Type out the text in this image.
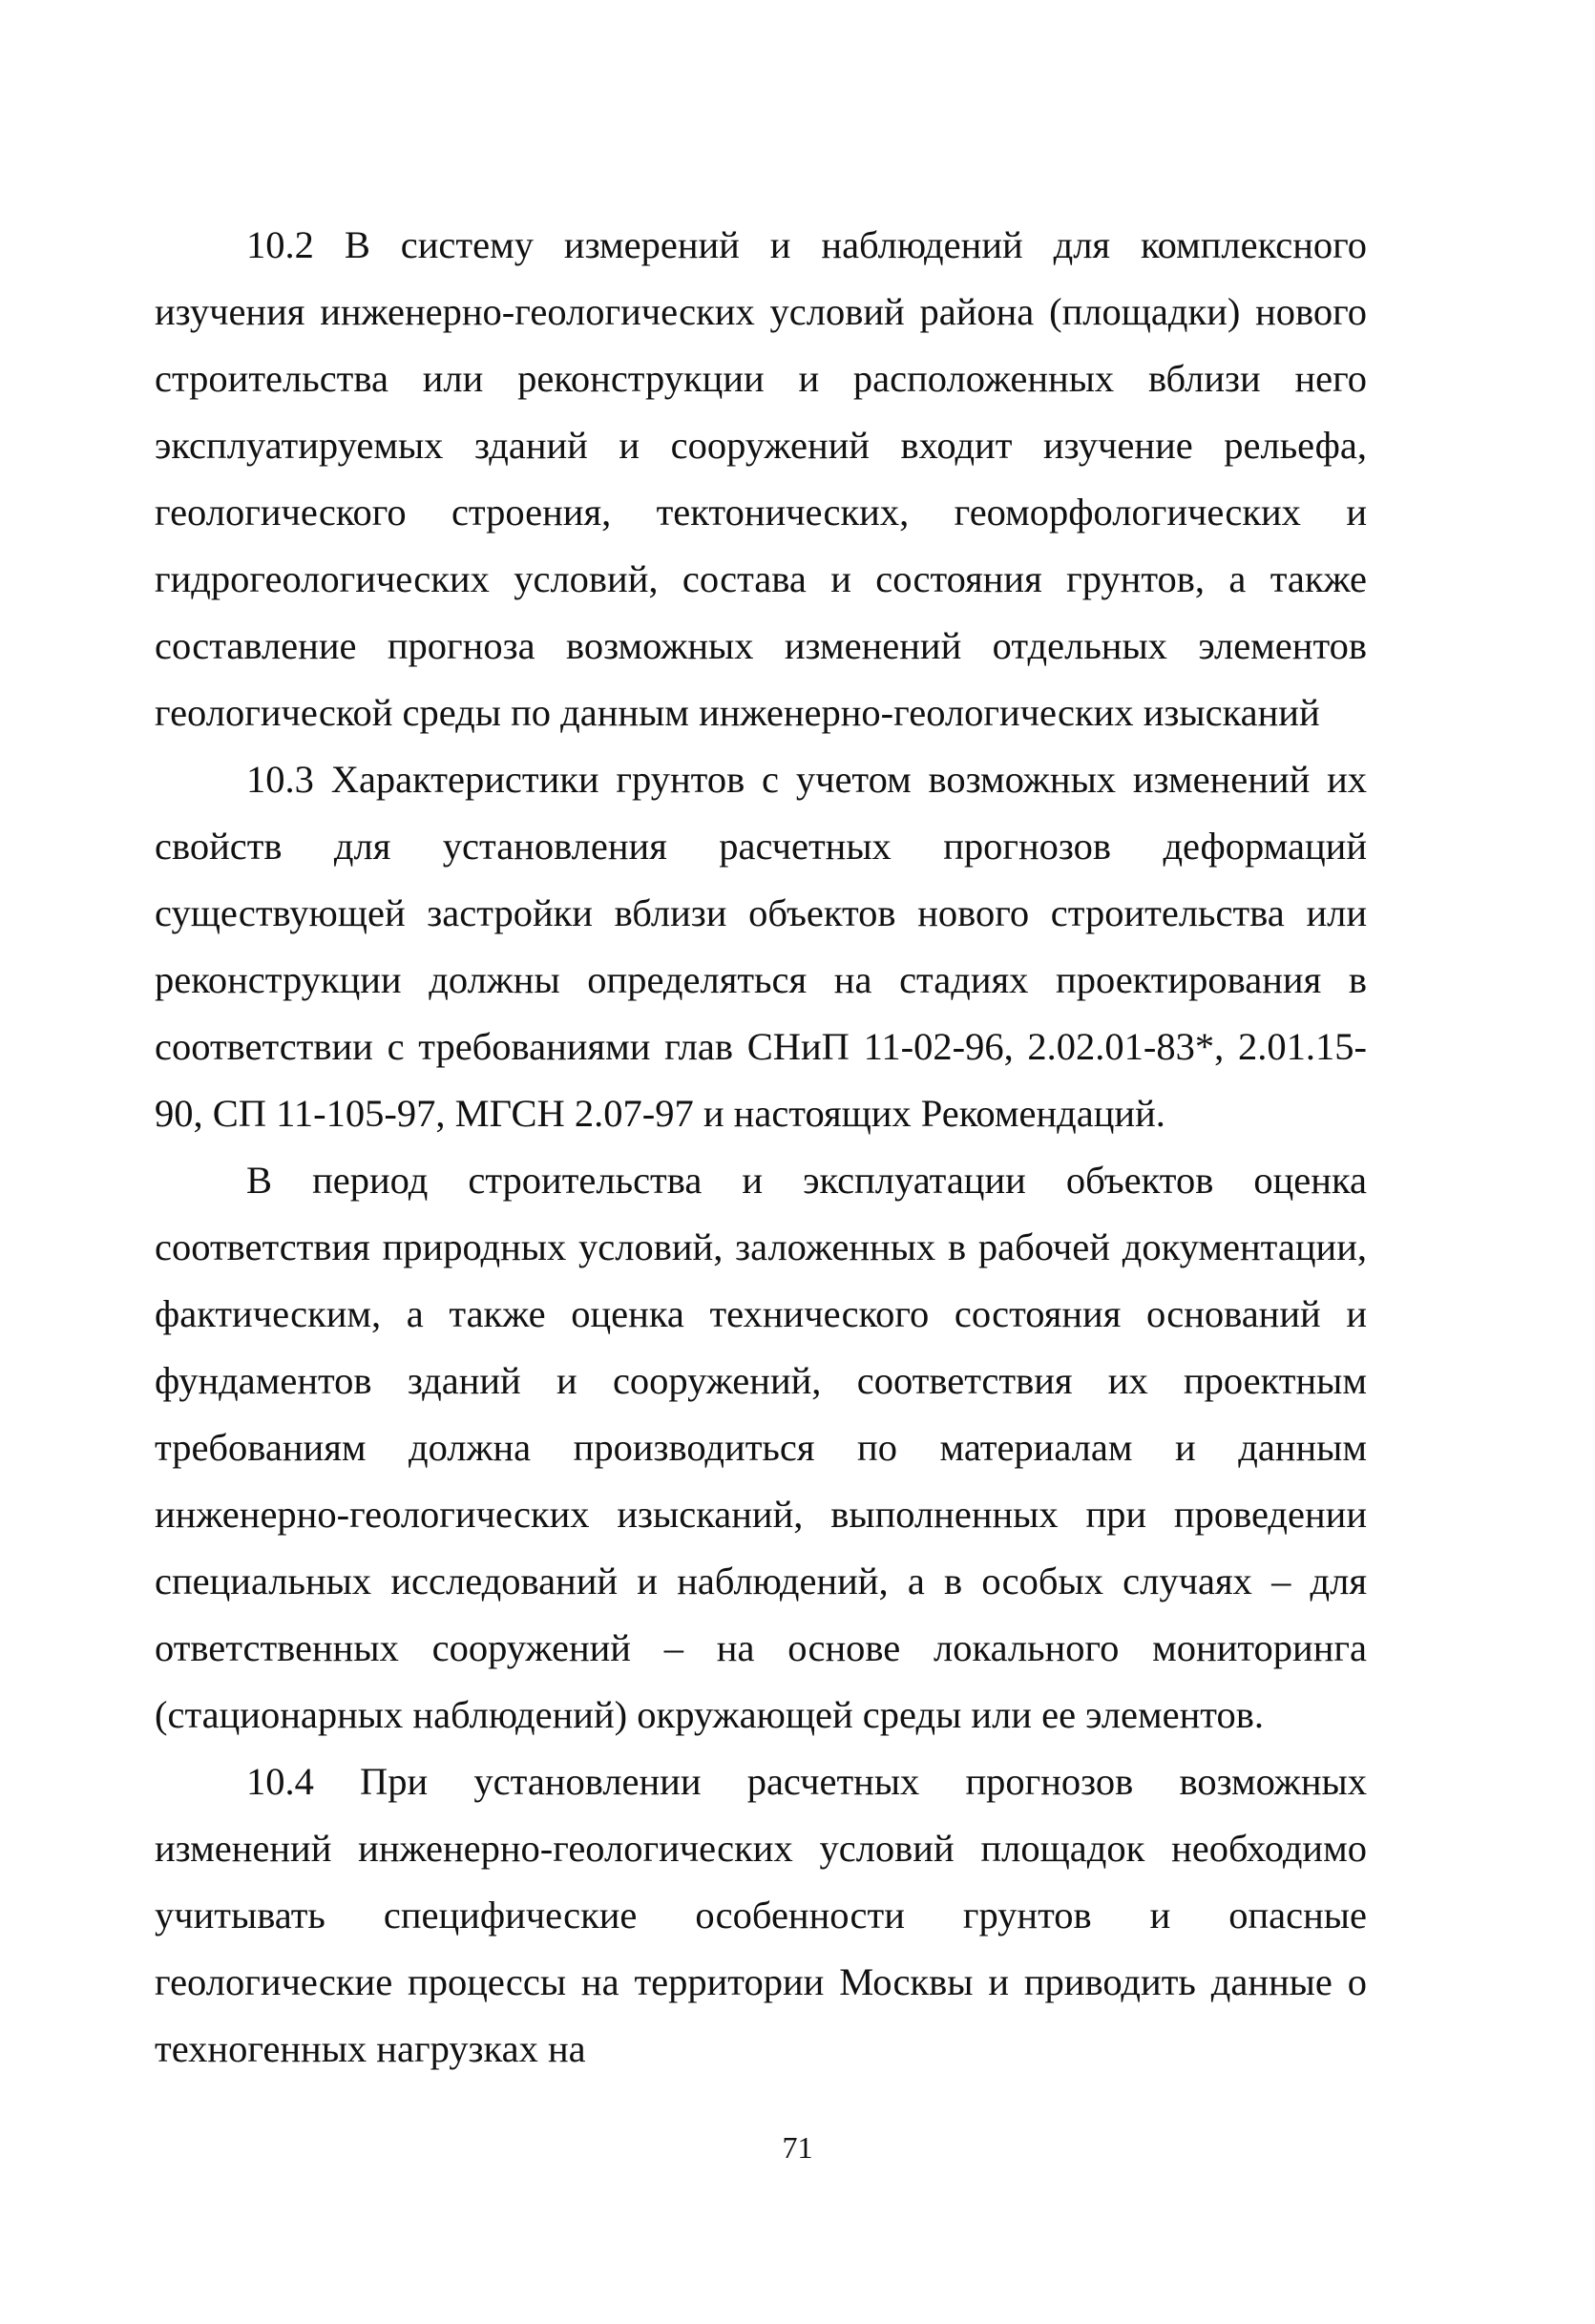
10.2 В систему измерений и наблюдений для комплексного изучения инженерно-геологических условий района (площадки) нового строительства или реконструкции и расположенных вблизи него эксплуатируемых зданий и сооружений входит изучение рельефа, геологического строения, тектонических, геоморфологических и гидрогеологических условий, состава и состояния грунтов, а также составление прогноза возможных изменений отдельных элементов геологической среды по данным инженерно-геологических изысканий

10.3 Характеристики грунтов с учетом возможных изменений их свойств для установления расчетных прогнозов деформаций существующей застройки вблизи объектов нового строительства или реконструкции должны определяться на стадиях проектирования в соответствии с требованиями глав СНиП 11-02-96, 2.02.01-83*, 2.01.15-90, СП 11-105-97, МГСН 2.07-97 и настоящих Рекомендаций.

В период строительства и эксплуатации объектов оценка соответствия природных условий, заложенных в рабочей документации, фактическим, а также оценка технического состояния оснований и фундаментов зданий и сооружений, соответствия их проектным требованиям должна производиться по материалам и данным инженерно-геологических изысканий, выполненных при проведении специальных исследований и наблюдений, а в особых случаях – для ответственных сооружений – на основе локального мониторинга (стационарных наблюдений) окружающей среды или ее элементов.

10.4 При установлении расчетных прогнозов возможных изменений инженерно-геологических условий площадок необходимо учитывать специфические особенности грунтов и опасные геологические процессы на территории Москвы и приводить данные о техногенных нагрузках на

71
